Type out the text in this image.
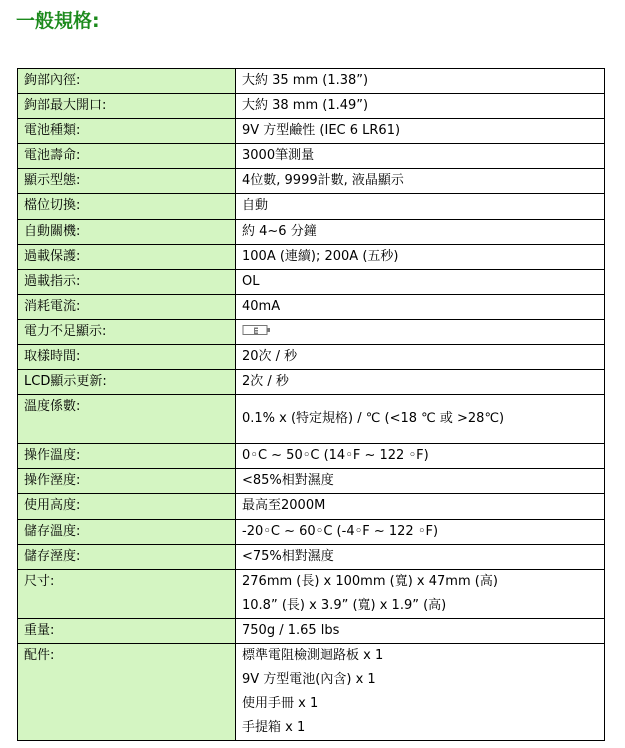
一般規格:
鉤部內徑:	大約 35 mm (1.38”)

鉤部最大開口:	大約 38 mm (1.49”)

電池種類:	9V 方型鹼性 (IEC 6 LR61)

電池壽命:	3000筆測量

顯示型態:	4位數, 9999計數, 液晶顯示

檔位切換:	自動

自動關機:	約 4~6 分鐘

過載保護:	100A (連續); 200A (五秒)

過載指示:	OL

消耗電流:	40mA

電力不足顯示:	
取樣時間:	20次 / 秒

LCD顯示更新:	2次 / 秒

溫度係數:	0.1% x (特定規格) / ℃ (<18 ℃ 或 >28℃)

操作溫度:	0◦C ~ 50◦C (14◦F ~ 122 ◦F)

操作溼度:	<85%相對濕度

使用高度:	最高至2000M

儲存溫度:	-20◦C ~ 60◦C (-4◦F ~ 122 ◦F)

儲存溼度:	<75%相對濕度

尺寸:	276mm (長) x 100mm (寬) x 47mm (高)
10.8” (長) x 3.9” (寬) x 1.9” (高)

重量:	750g / 1.65 lbs

配件:	標準電阻檢測迴路板 x 1
9V 方型電池(內含) x 1
使用手冊 x 1
手提箱 x 1
